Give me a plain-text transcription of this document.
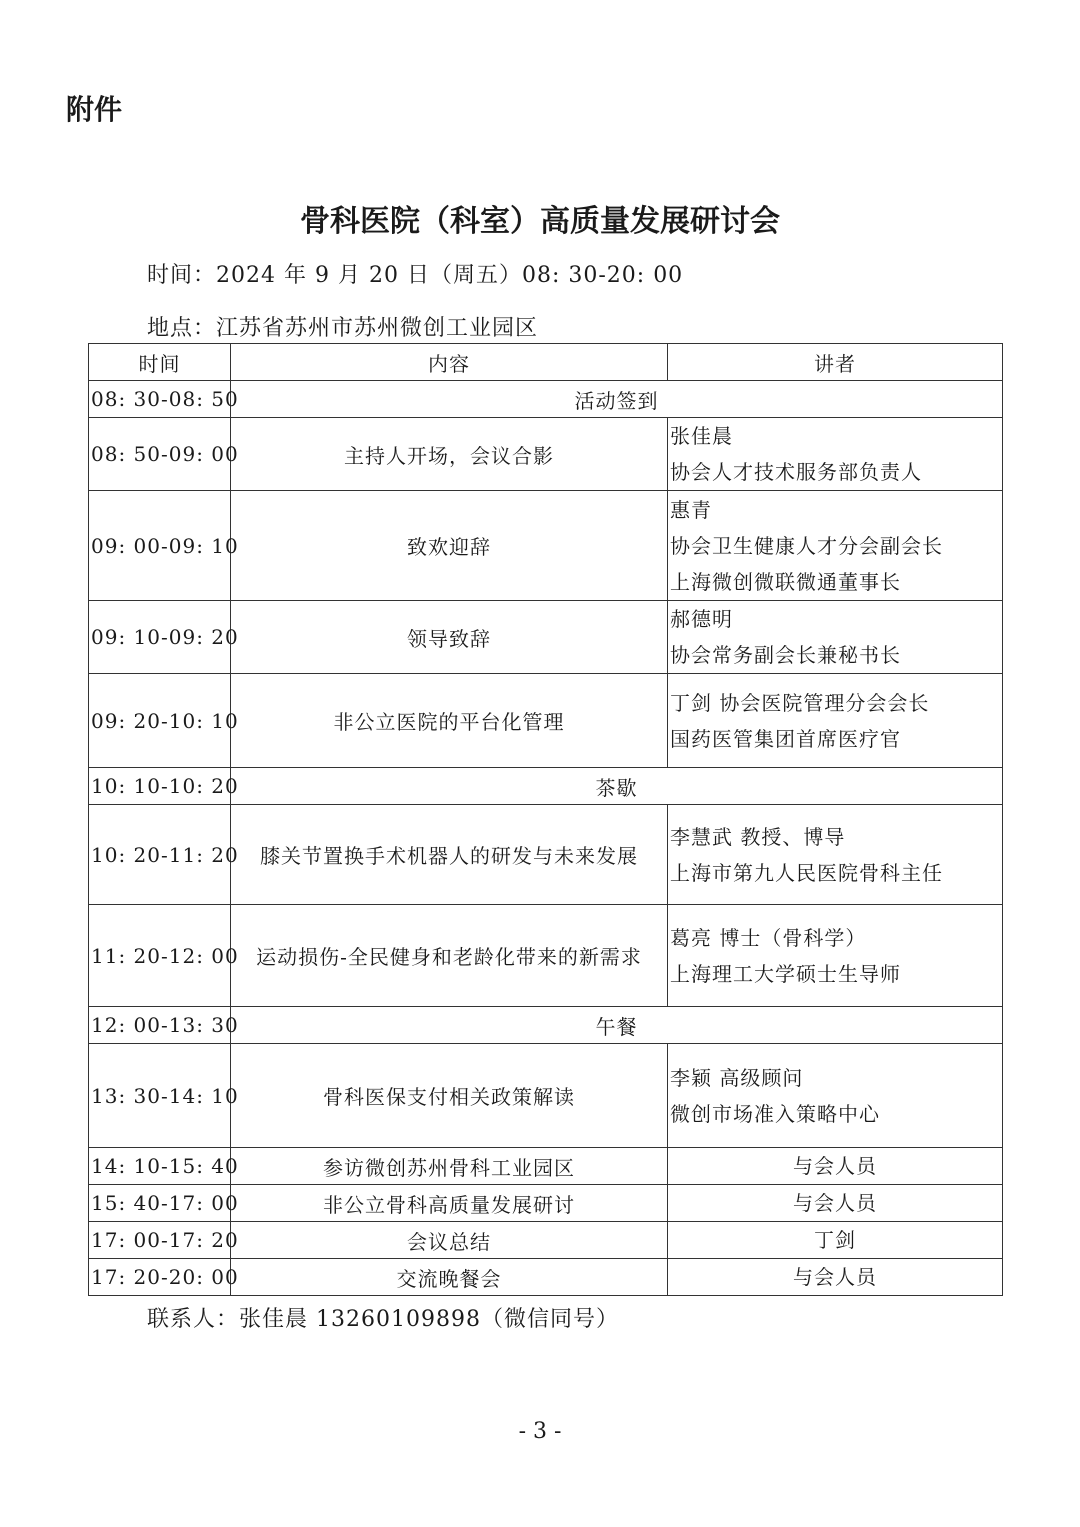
附件
骨科医院（科室）高质量发展研讨会
时间：2024 年 9 月 20 日（周五）08: 30-20: 00
地点：江苏省苏州市苏州微创工业园区
时间	内容	讲者
08: 30-08: 50	活动签到	
08: 50-09: 00	主持人开场，会议合影	张佳晨
协会人才技术服务部负责人

09: 00-09: 10	致欢迎辞	惠青
协会卫生健康人才分会副会长
上海微创微联微通董事长

09: 10-09: 20	领导致辞	郝德明
协会常务副会长兼秘书长

09: 20-10: 10	非公立医院的平台化管理	丁剑 协会医院管理分会会长
国药医管集团首席医疗官

10: 10-10: 20	茶歇	
10: 20-11: 20	膝关节置换手术机器人的研发与未来发展	李慧武 教授、博导
上海市第九人民医院骨科主任

11: 20-12: 00	运动损伤-全民健身和老龄化带来的新需求	葛亮 博士（骨科学）
上海理工大学硕士生导师

12: 00-13: 30	午餐	
13: 30-14: 10	骨科医保支付相关政策解读	李颖 高级顾问
微创市场准入策略中心

14: 10-15: 40	参访微创苏州骨科工业园区	与会人员

15: 40-17: 00	非公立骨科高质量发展研讨	与会人员

17: 00-17: 20	会议总结	丁剑

17: 20-20: 00	交流晚餐会	与会人员
联系人：张佳晨 13260109898（微信同号）
- 3 -
